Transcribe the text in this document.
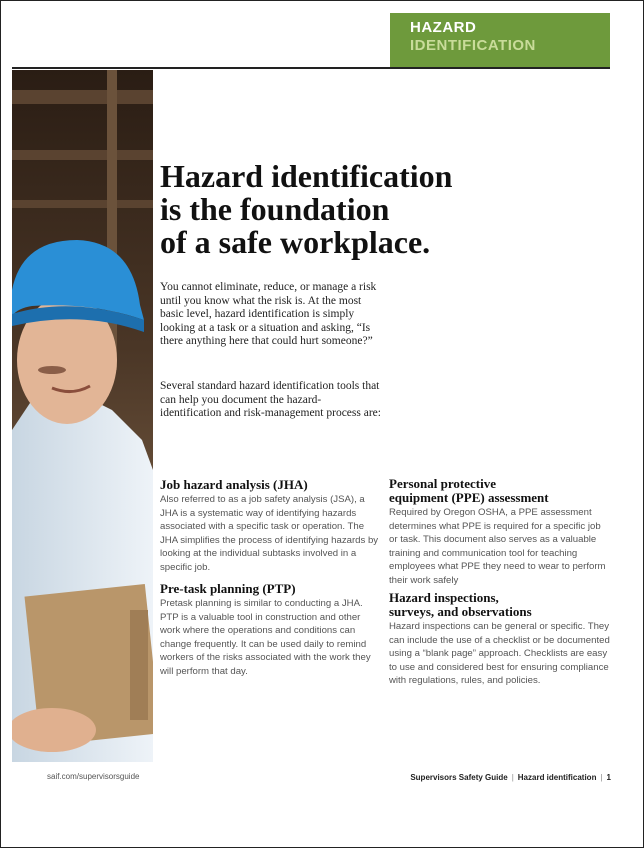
HAZARD
IDENTIFICATION
Hazard identification
is the foundation
of a safe workplace.

You cannot eliminate, reduce, or manage a risk until you know what the risk is. At the most basic level, hazard identification is simply looking at a task or a situation and asking, “Is there anything here that could hurt someone?”

Several standard hazard identification tools that can help you document the hazard-identification and risk-management process are:

Job hazard analysis (JHA)

Also referred to as a job safety analysis (JSA), a JHA is a systematic way of identifying hazards associated with a specific task or operation. The JHA simplifies the process of identifying hazards by looking at the individual subtasks involved in a specific job.

Pre-task planning (PTP)

Pretask planning is similar to conducting a JHA. PTP is a valuable tool in construction and other work where the operations and conditions can change frequently. It can be used daily to remind workers of the risks associated with the work they will perform that day.

Personal protective
equipment (PPE) assessment

Required by Oregon OSHA, a PPE assessment determines what PPE is required for a specific job or task. This document also serves as a valuable training and communication tool for teaching employees what PPE they need to wear to perform their work safely

Hazard inspections,
surveys, and observations

Hazard inspections can be general or specific. They can include the use of a checklist or be documented using a “blank page” approach. Checklists are easy to use and considered best for ensuring compliance with regulations, rules, and policies.

saif.com/supervisorsguide	Supervisors Safety Guide | Hazard identification | 1
